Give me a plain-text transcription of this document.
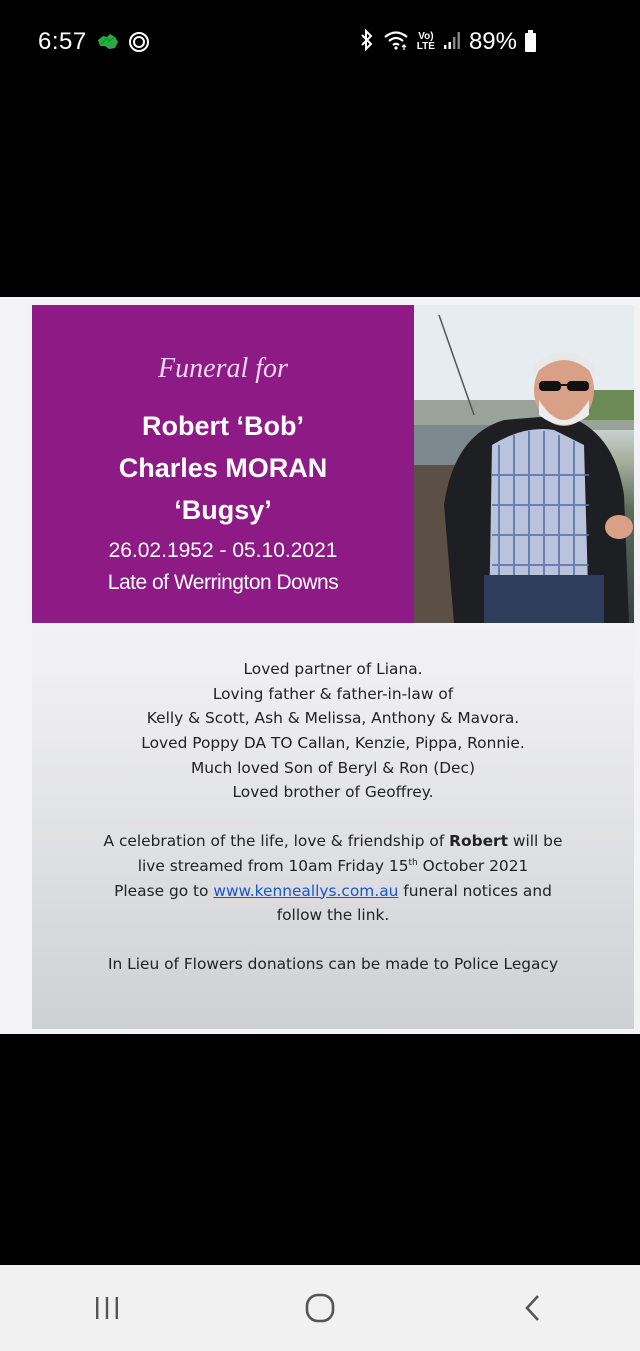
6:57	Vo)
LTE 89%
Funeral for
Robert ‘Bob’
Charles MORAN
‘Bugsy’
26.02.1952 - 05.10.2021
Late of Werrington Downs
Loved partner of Liana.
Loving father & father-in-law of
Kelly & Scott, Ash & Melissa, Anthony & Mavora.
Loved Poppy DA TO Callan, Kenzie, Pippa, Ronnie.
Much loved Son of Beryl & Ron (Dec)
Loved brother of Geoffrey.
A celebration of the life, love & friendship of Robert will be
live streamed from 10am Friday 15th October 2021
Please go to www.kenneallys.com.au funeral notices and
follow the link.
In Lieu of Flowers donations can be made to Police Legacy
